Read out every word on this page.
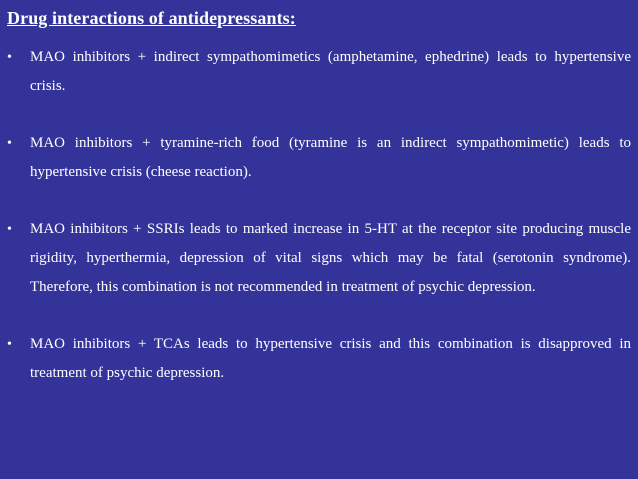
Drug interactions of antidepressants:
•	MAO inhibitors + indirect sympathomimetics (amphetamine, ephedrine) leads to hypertensive crisis.
•	MAO inhibitors + tyramine-rich food (tyramine is an indirect sympathomimetic) leads to hypertensive crisis (cheese reaction).
•	MAO inhibitors + SSRIs leads to marked increase in 5-HT at the receptor site producing muscle rigidity, hyperthermia, depression of vital signs which may be fatal (serotonin syndrome). Therefore, this combination is not recommended in treatment of psychic depression.
•	MAO inhibitors + TCAs leads to hypertensive crisis and this combination is disapproved in treatment of psychic depression.
